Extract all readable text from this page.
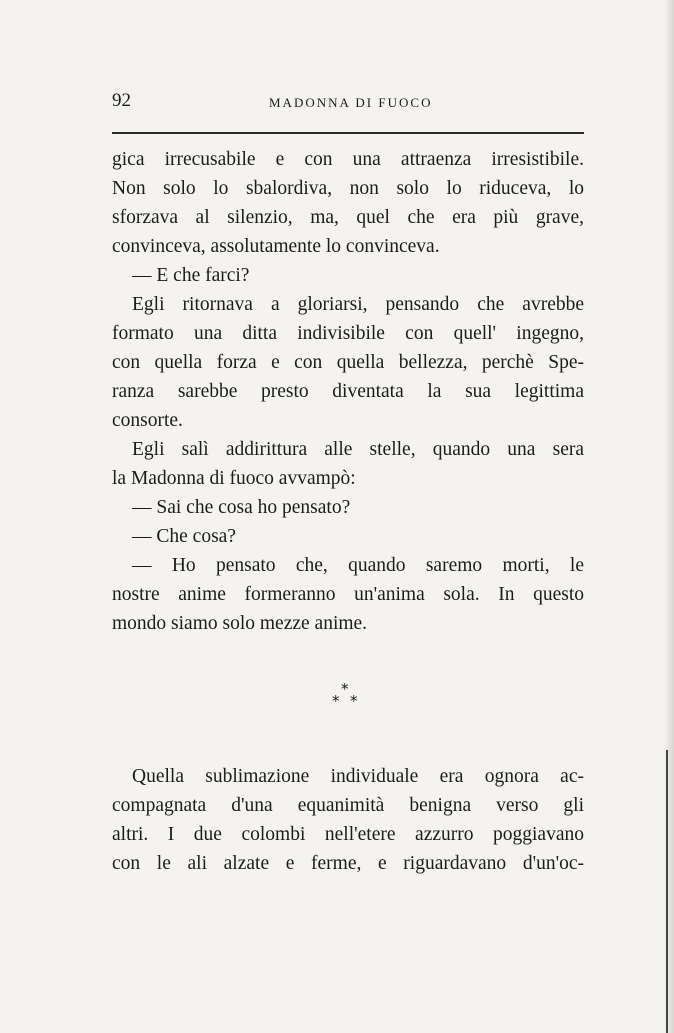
92	MADONNA DI FUOCO
gica irrecusabile e con una attraenza irresistibile.
Non solo lo sbalordiva, non solo lo riduceva, lo
sforzava al silenzio, ma, quel che era più grave,
convinceva, assolutamente lo convinceva.
— E che farci?
Egli ritornava a gloriarsi, pensando che avrebbe
formato una ditta indivisibile con quell' ingegno,
con quella forza e con quella bellezza, perchè Spe-
ranza sarebbe presto diventata la sua legittima
consorte.
Egli salì addirittura alle stelle, quando una sera
la Madonna di fuoco avvampò:
— Sai che cosa ho pensato?
— Che cosa?
— Ho pensato che, quando saremo morti, le
nostre anime formeranno un'anima sola. In questo
mondo siamo solo mezze anime.
*
* *
Quella sublimazione individuale era ognora ac-
compagnata d'una equanimità benigna verso gli
altri. I due colombi nell'etere azzurro poggiavano
con le ali alzate e ferme, e riguardavano d'un'oc-
